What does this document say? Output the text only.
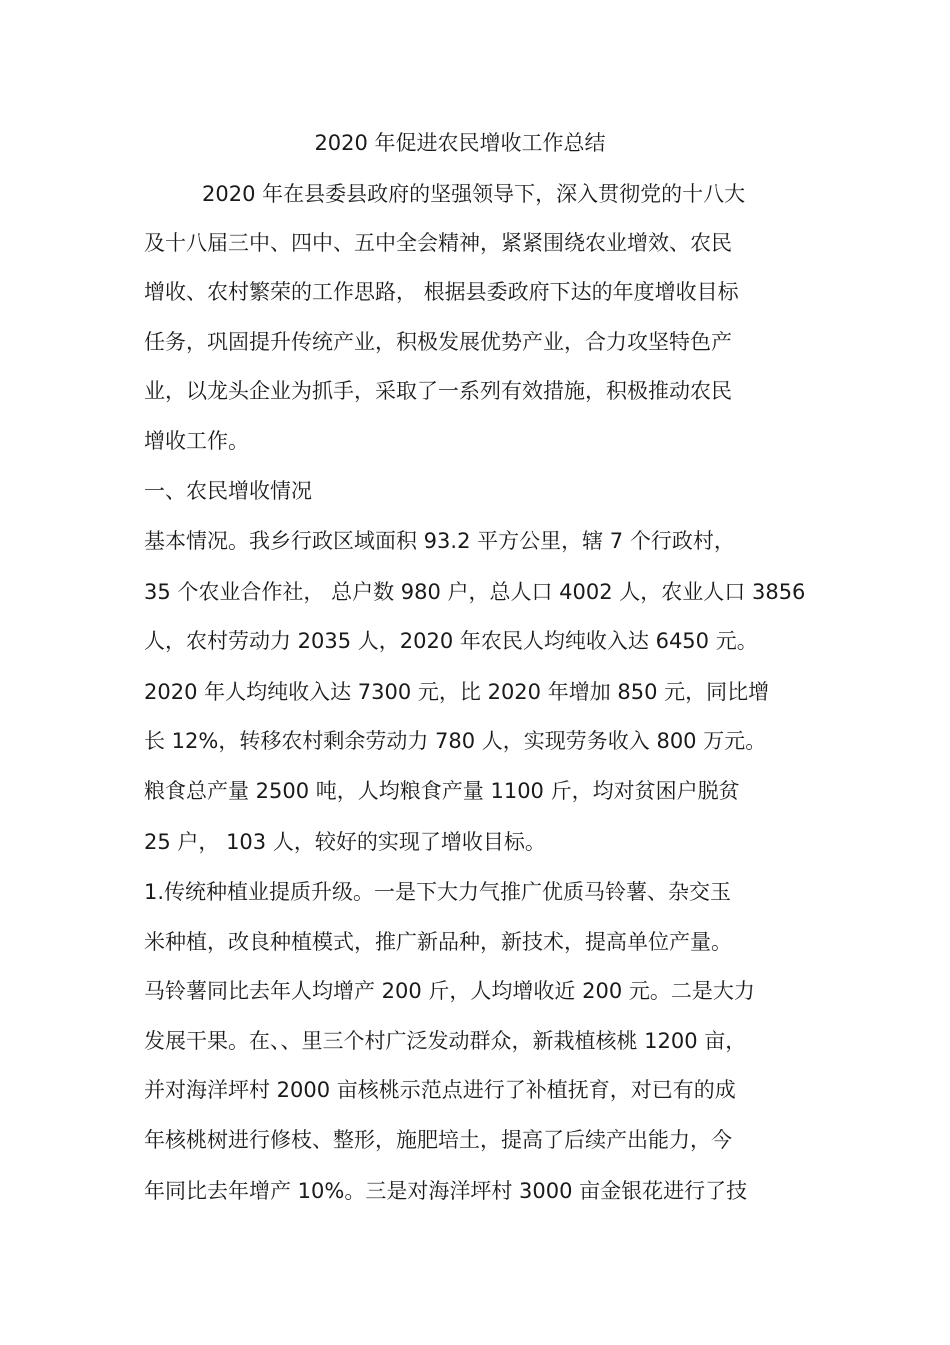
2020 年促进农民增收工作总结
2020 年在县委县政府的坚强领导下，深入贯彻党的十八大
及十八届三中、四中、五中全会精神，紧紧围绕农业增效、农民
增收、农村繁荣的工作思路， 根据县委政府下达的年度增收目标
任务，巩固提升传统产业，积极发展优势产业，合力攻坚特色产
业，以龙头企业为抓手，采取了一系列有效措施，积极推动农民
增收工作。
一、农民增收情况
基本情况。我乡行政区域面积 93.2 平方公里，辖 7 个行政村，
35 个农业合作社， 总户数 980 户，总人口 4002 人，农业人口 3856
人，农村劳动力 2035 人，2020 年农民人均纯收入达 6450 元。
2020 年人均纯收入达 7300 元，比 2020 年增加 850 元，同比增
长 12%，转移农村剩余劳动力 780 人，实现劳务收入 800 万元。
粮食总产量 2500 吨，人均粮食产量 1100 斤，均对贫困户脱贫
25 户， 103 人，较好的实现了增收目标。
1.传统种植业提质升级。一是下大力气推广优质马铃薯、杂交玉
米种植，改良种植模式，推广新品种，新技术，提高单位产量。
马铃薯同比去年人均增产 200 斤，人均增收近 200 元。二是大力
发展干果。在、、里三个村广泛发动群众，新栽植核桃 1200 亩，
并对海洋坪村 2000 亩核桃示范点进行了补植抚育，对已有的成
年核桃树进行修枝、整形，施肥培土，提高了后续产出能力，今
年同比去年增产 10%。三是对海洋坪村 3000 亩金银花进行了技
